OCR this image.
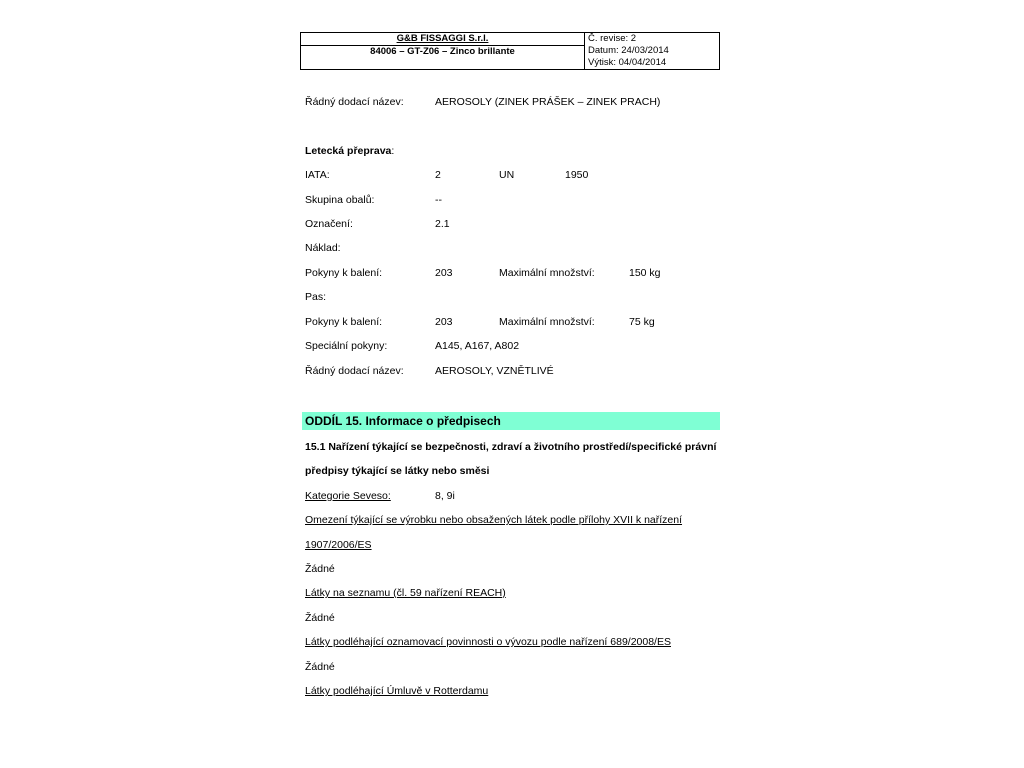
G&B FISSAGGI S.r.l.
84006 – GT-Z06 – Zinco brillante
Č. revise: 2
Datum: 24/03/2014
Výtisk: 04/04/2014
Řádný dodací název:	AEROSOLY (ZINEK PRÁŠEK – ZINEK PRACH)
Letecká přeprava:
IATA:	2	UN	1950
Skupina obalů:	--
Označení:	2.1
Náklad:
Pokyny k balení:	203	Maximální množství:	150 kg
Pas:
Pokyny k balení:	203	Maximální množství:	75 kg
Speciální pokyny:	A145, A167, A802
Řádný dodací název:	AEROSOLY, VZNĚTLIVÉ
ODDÍL 15. Informace o předpisech
15.1 Nařízení týkající se bezpečnosti, zdraví a životního prostředí/specifické právní
předpisy týkající se látky nebo směsi
Kategorie Seveso:	8, 9i
Omezení týkající se výrobku nebo obsažených látek podle přílohy XVII k nařízení
1907/2006/ES
Žádné
Látky na seznamu (čl. 59 nařízení REACH)
Žádné
Látky podléhající oznamovací povinnosti o vývozu podle nařízení 689/2008/ES
Žádné
Látky podléhající Úmluvě v Rotterdamu
